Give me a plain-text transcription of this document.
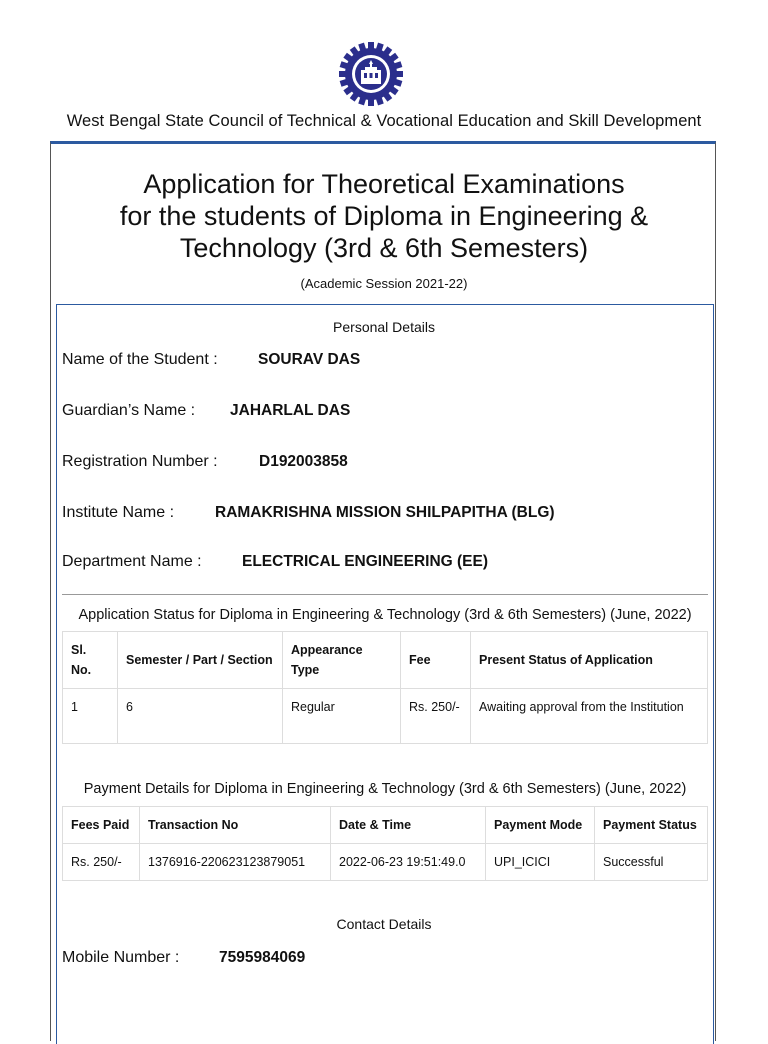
West Bengal State Council of Technical & Vocational Education and Skill Development
Application for Theoretical Examinations
for the students of Diploma in Engineering &
Technology (3rd & 6th Semesters)
(Academic Session 2021-22)
Personal Details
Name of the Student :	SOURAV DAS
Guardian’s Name : JAHARLAL DAS
Registration Number :	D192003858
Institute Name :	RAMAKRISHNA MISSION SHILPAPITHA (BLG)
Department Name :	ELECTRICAL ENGINEERING (EE)
Application Status for Diploma in Engineering & Technology (3rd & 6th Semesters) (June, 2022)
Sl. No.	Semester / Part / Section	Appearance Type	Fee	Present Status of Application
1	6	Regular	Rs. 250/-	Awaiting approval from the Institution
Payment Details for Diploma in Engineering & Technology (3rd & 6th Semesters) (June, 2022)
Fees Paid	Transaction No	Date & Time	Payment Mode	Payment Status
Rs. 250/-	1376916-220623123879051	2022-06-23 19:51:49.0	UPI_ICICI	Successful
Contact Details
Mobile Number :	7595984069
